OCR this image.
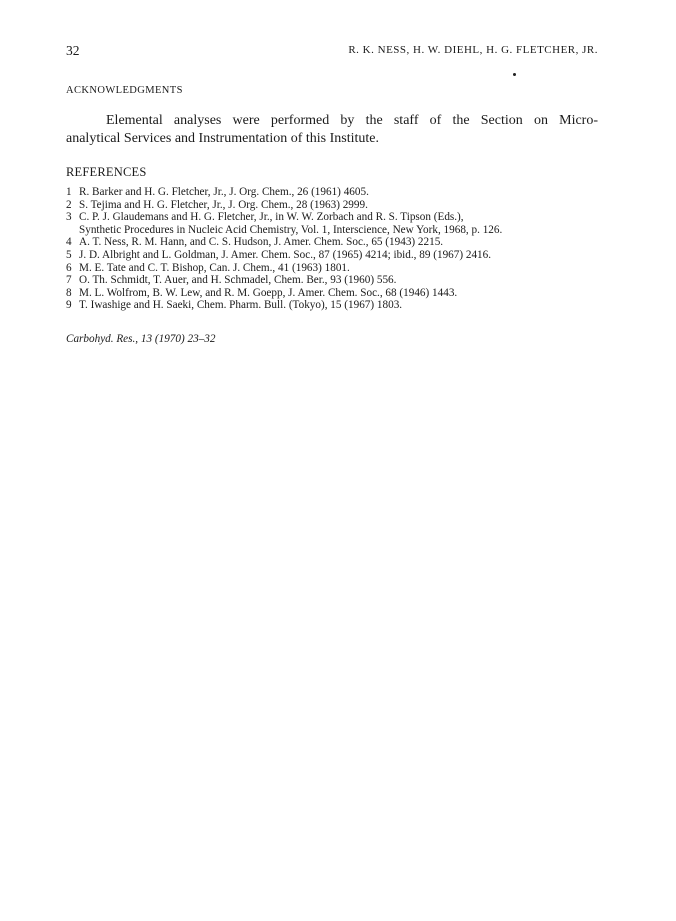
32	R. K. NESS, H. W. DIEHL, H. G. FLETCHER, JR.
ACKNOWLEDGMENTS
Elemental analyses were performed by the staff of the Section on Micro-
analytical Services and Instrumentation of this Institute.
REFERENCES
1 R. Barker and H. G. Fletcher, Jr., J. Org. Chem., 26 (1961) 4605.
2 S. Tejima and H. G. Fletcher, Jr., J. Org. Chem., 28 (1963) 2999.
3 C. P. J. Glaudemans and H. G. Fletcher, Jr., in W. W. Zorbach and R. S. Tipson (Eds.),
Synthetic Procedures in Nucleic Acid Chemistry, Vol. 1, Interscience, New York, 1968, p. 126.
4 A. T. Ness, R. M. Hann, and C. S. Hudson, J. Amer. Chem. Soc., 65 (1943) 2215.
5 J. D. Albright and L. Goldman, J. Amer. Chem. Soc., 87 (1965) 4214; ibid., 89 (1967) 2416.
6 M. E. Tate and C. T. Bishop, Can. J. Chem., 41 (1963) 1801.
7 O. Th. Schmidt, T. Auer, and H. Schmadel, Chem. Ber., 93 (1960) 556.
8 M. L. Wolfrom, B. W. Lew, and R. M. Goepp, J. Amer. Chem. Soc., 68 (1946) 1443.
9 T. Iwashige and H. Saeki, Chem. Pharm. Bull. (Tokyo), 15 (1967) 1803.
Carbohyd. Res., 13 (1970) 23–32
